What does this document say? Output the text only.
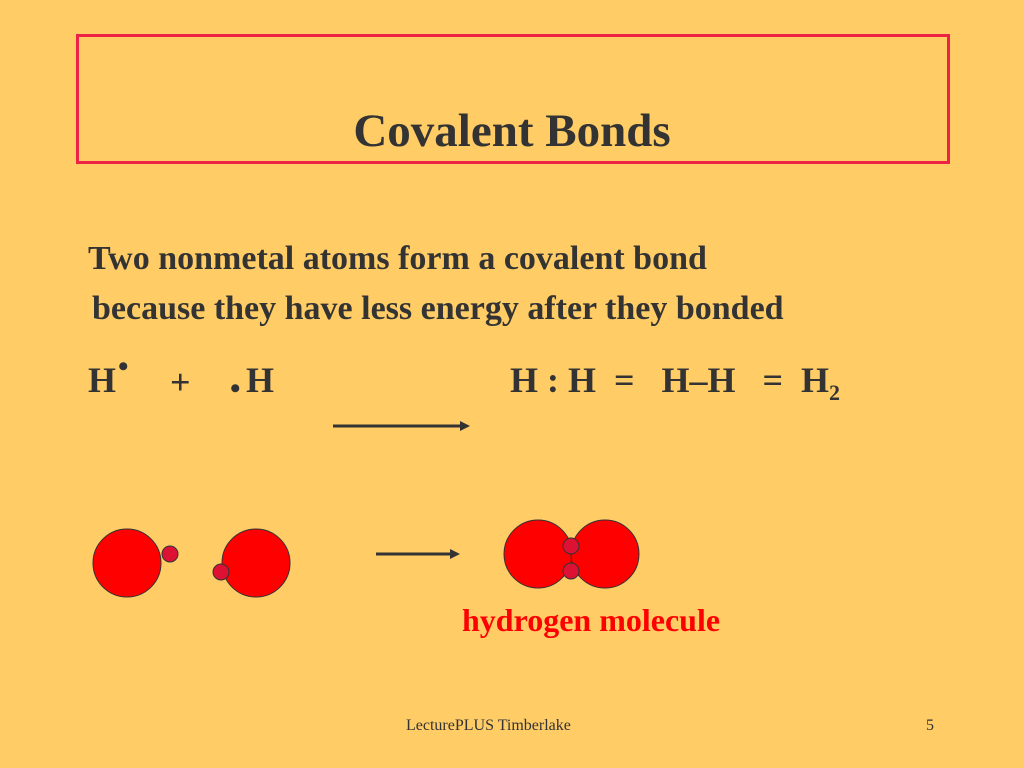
Covalent Bonds
Two nonmetal atoms form a covalent bond
because they have less energy after they bonded
H • + • H	H : $H = H-H = H_2$
hydrogen molecule
LecturePLUS Timberlake	5
